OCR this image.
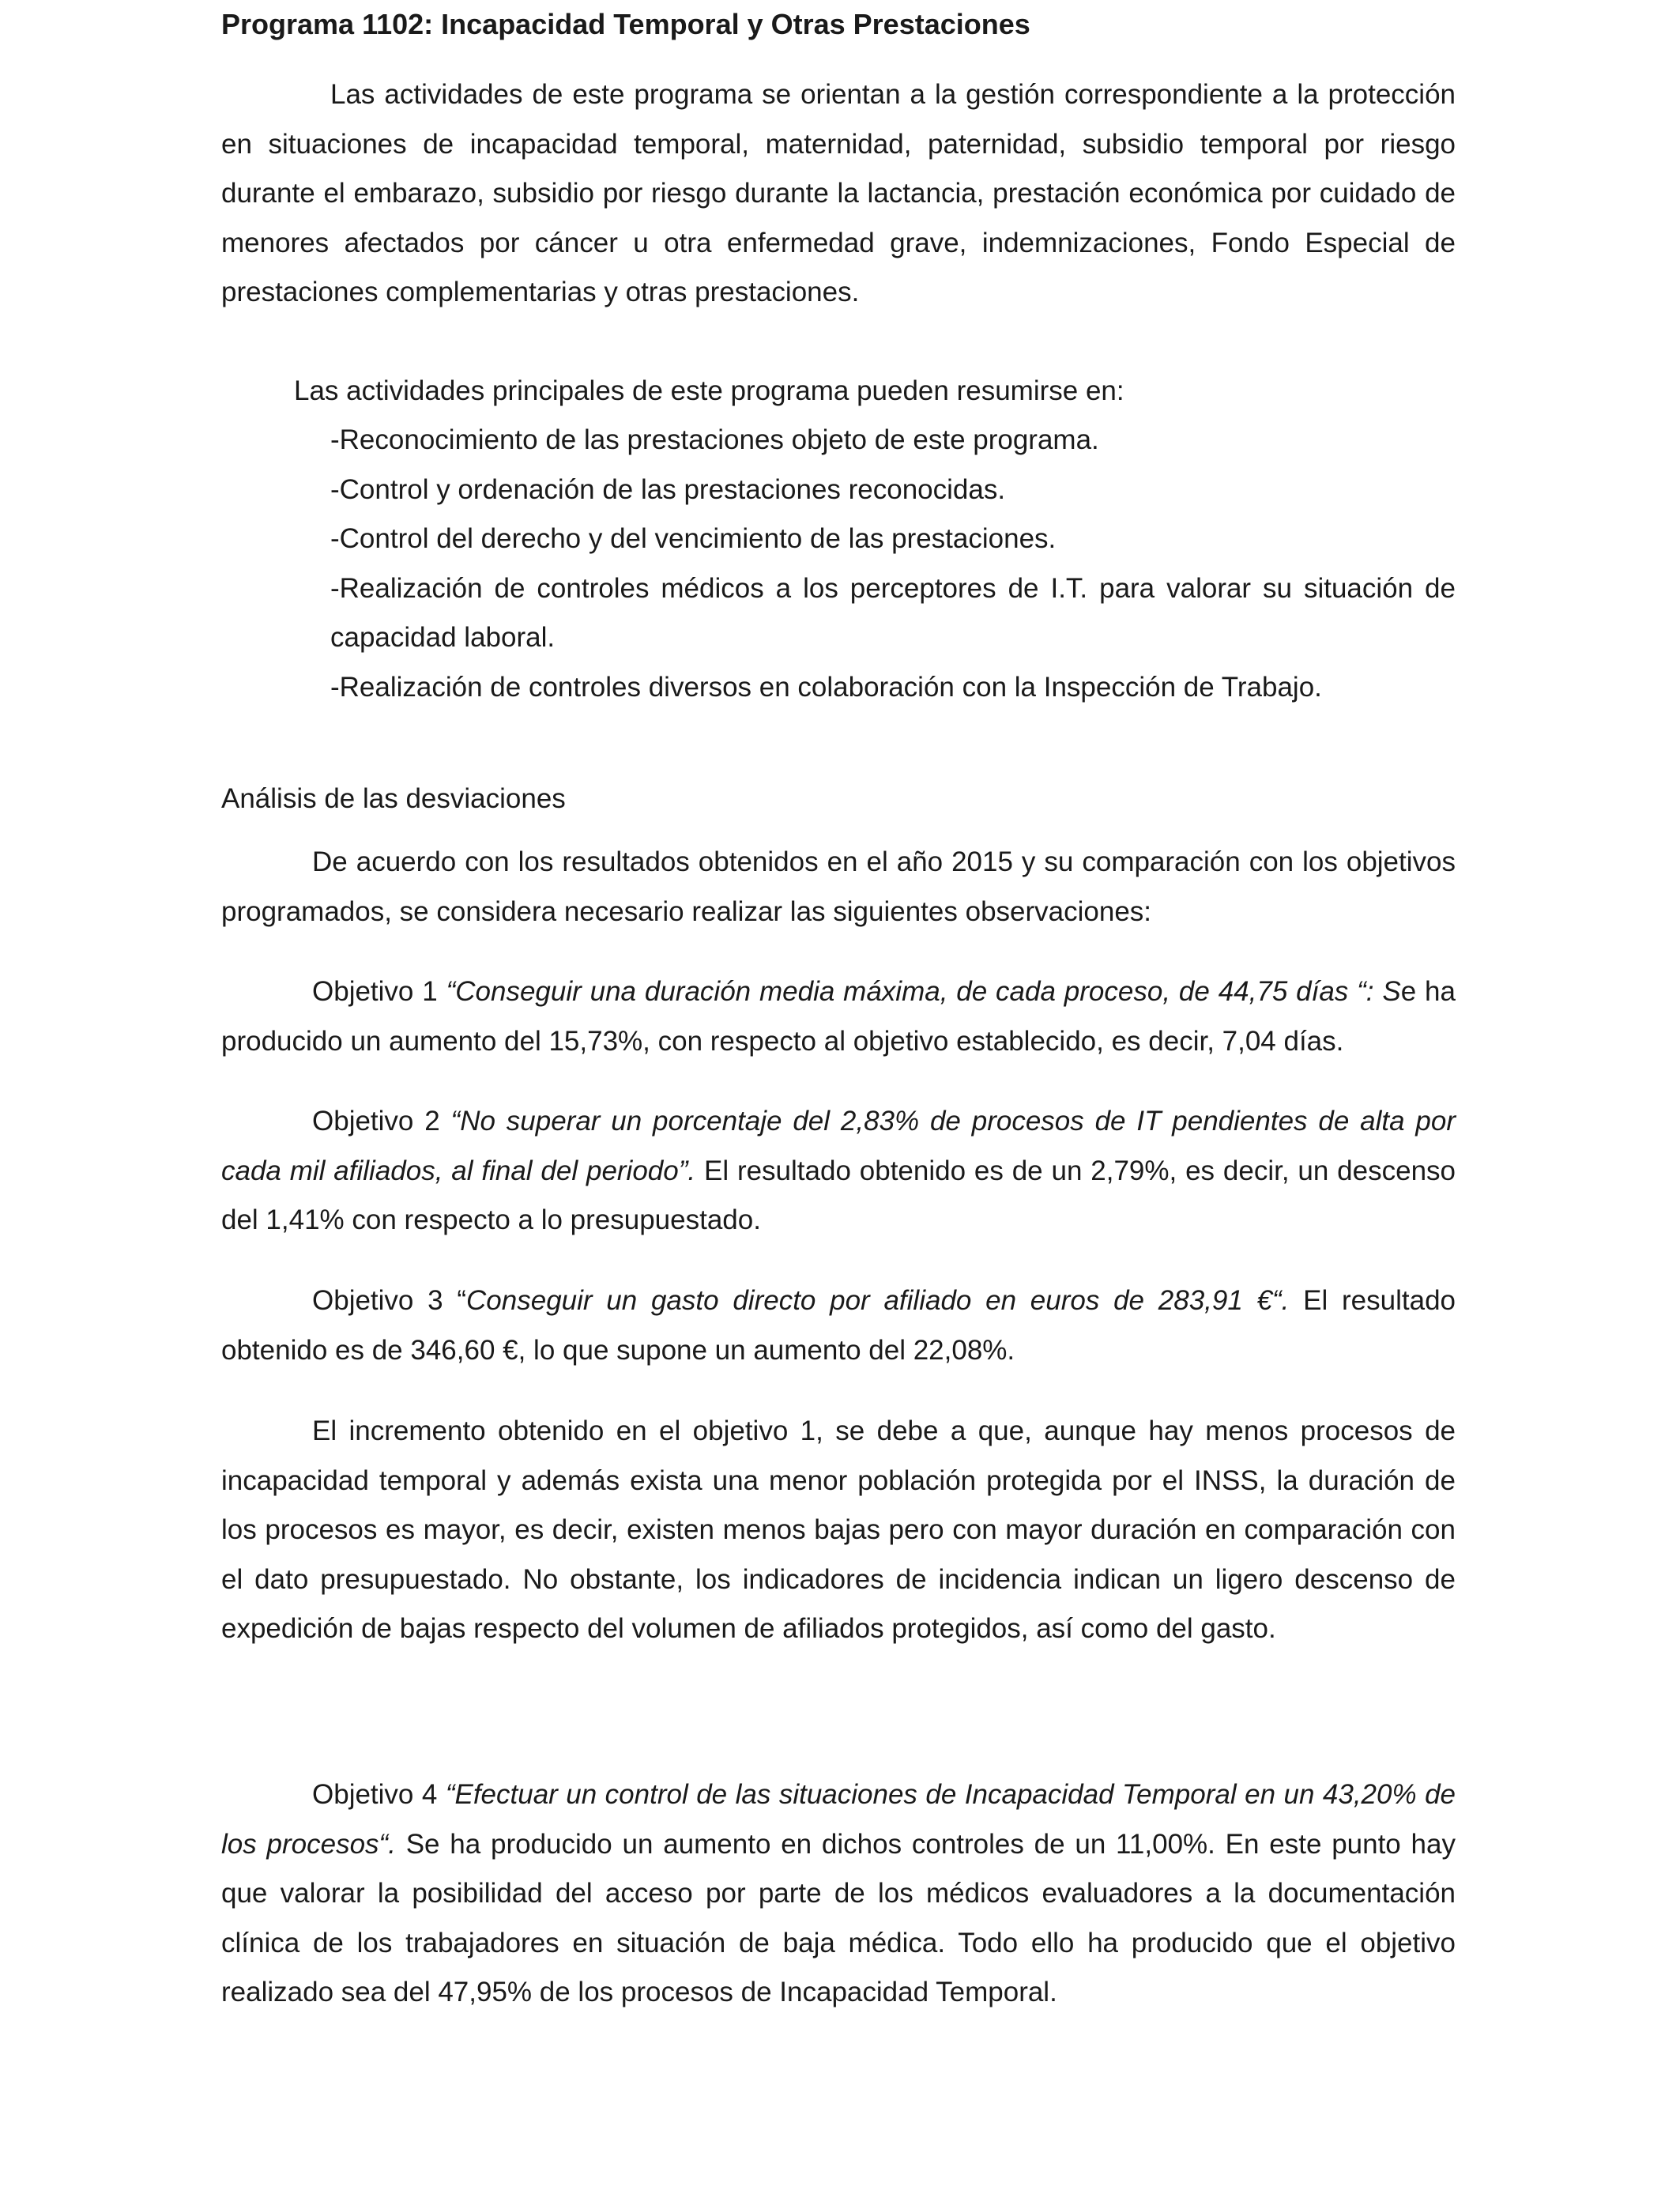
Programa 1102: Incapacidad Temporal y Otras Prestaciones

Las actividades de este programa se orientan a la gestión correspondiente a la protección en situaciones de incapacidad temporal, maternidad, paternidad, subsidio temporal por riesgo durante el embarazo, subsidio por riesgo durante la lactancia, prestación económica por cuidado de menores afectados por cáncer u otra enfermedad grave, indemnizaciones, Fondo Especial de prestaciones complementarias y otras prestaciones.

Las actividades principales de este programa pueden resumirse en:

-Reconocimiento de las prestaciones objeto de este programa.
-Control y ordenación de las prestaciones reconocidas.
-Control del derecho y del vencimiento de las prestaciones.
-Realización de controles médicos a los perceptores de I.T. para valorar su situación de capacidad laboral.
-Realización de controles diversos en colaboración con la Inspección de Trabajo.

Análisis de las desviaciones

De acuerdo con los resultados obtenidos en el año 2015 y su comparación con los objetivos programados, se considera necesario realizar las siguientes observaciones:

Objetivo 1 “Conseguir una duración media máxima, de cada proceso, de 44,75 días “: Se ha producido un aumento del 15,73%, con respecto al objetivo establecido, es decir, 7,04 días.

Objetivo 2 “No superar un porcentaje del 2,83% de procesos de IT pendientes de alta por cada mil afiliados, al final del periodo”. El resultado obtenido es de un 2,79%, es decir, un descenso del 1,41% con respecto a lo presupuestado.

Objetivo 3 “Conseguir un gasto directo por afiliado en euros de 283,91 €“. El resultado obtenido es de 346,60 €, lo que supone un aumento del 22,08%.

El incremento obtenido en el objetivo 1, se debe a que, aunque hay menos procesos de incapacidad temporal y además exista una menor población protegida por el INSS, la duración de los procesos es mayor, es decir, existen menos bajas pero con mayor duración en comparación con el dato presupuestado. No obstante, los indicadores de incidencia indican un ligero descenso de expedición de bajas respecto del volumen de afiliados protegidos, así como del gasto.

Objetivo 4 “Efectuar un control de las situaciones de Incapacidad Temporal en un 43,20% de los procesos“. Se ha producido un aumento en dichos controles de un 11,00%. En este punto hay que valorar la posibilidad del acceso por parte de los médicos evaluadores a la documentación clínica de los trabajadores en situación de baja médica. Todo ello ha producido que el objetivo realizado sea del 47,95% de los procesos de Incapacidad Temporal.
